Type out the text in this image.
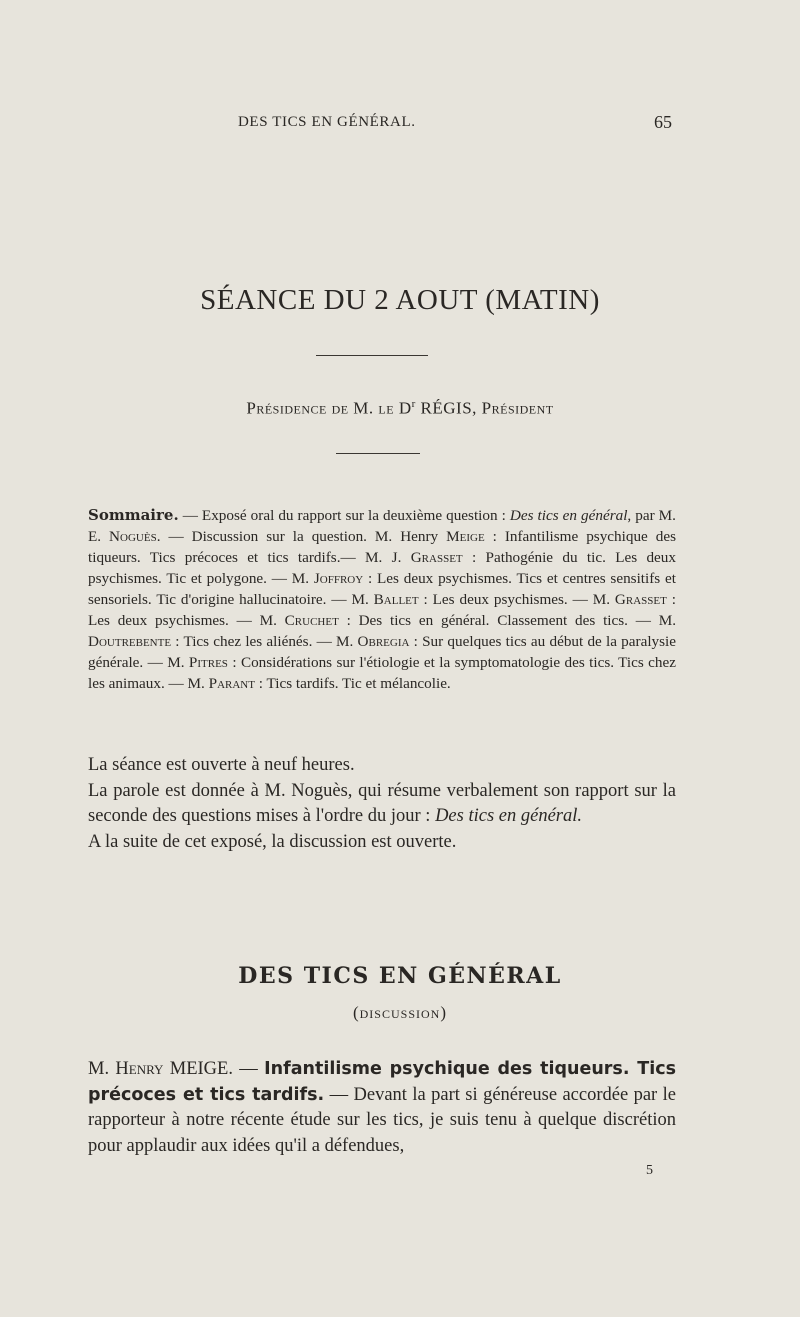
DES TICS EN GÉNÉRAL.	65
SÉANCE DU 2 AOUT (MATIN)
Présidence de M. le $D^r$ RÉGIS, Président
Sommaire. — Exposé oral du rapport sur la deuxième question : Des tics en général, par M. E. Noguès. — Discussion sur la question. M. Henry Meige : Infantilisme psychique des tiqueurs. Tics précoces et tics tardifs.— M. J. Grasset : Pathogénie du tic. Les deux psychismes. Tic et polygone. — M. Joffroy : Les deux psychismes. Tics et centres sensitifs et sensoriels. Tic d'origine hallucinatoire. — M. Ballet : Les deux psychismes. — M. Grasset : Les deux psychismes. — M. Cruchet : Des tics en général. Classement des tics. — M. Doutrebente : Tics chez les aliénés. — M. Obregia : Sur quelques tics au début de la paralysie générale. — M. Pitres : Considérations sur l'étiologie et la symptomatologie des tics. Tics chez les animaux. — M. Parant : Tics tardifs. Tic et mélancolie.

La séance est ouverte à neuf heures.

La parole est donnée à M. Noguès, qui résume verbalement son rapport sur la seconde des questions mises à l'ordre du jour : Des tics en général.

A la suite de cet exposé, la discussion est ouverte.

DES TICS EN GÉNÉRAL
(discussion)
M. Henry MEIGE. — Infantilisme psychique des tiqueurs. Tics précoces et tics tardifs. — Devant la part si généreuse accordée par le rapporteur à notre récente étude sur les tics, je suis tenu à quelque discrétion pour applaudir aux idées qu'il a défendues,
5
